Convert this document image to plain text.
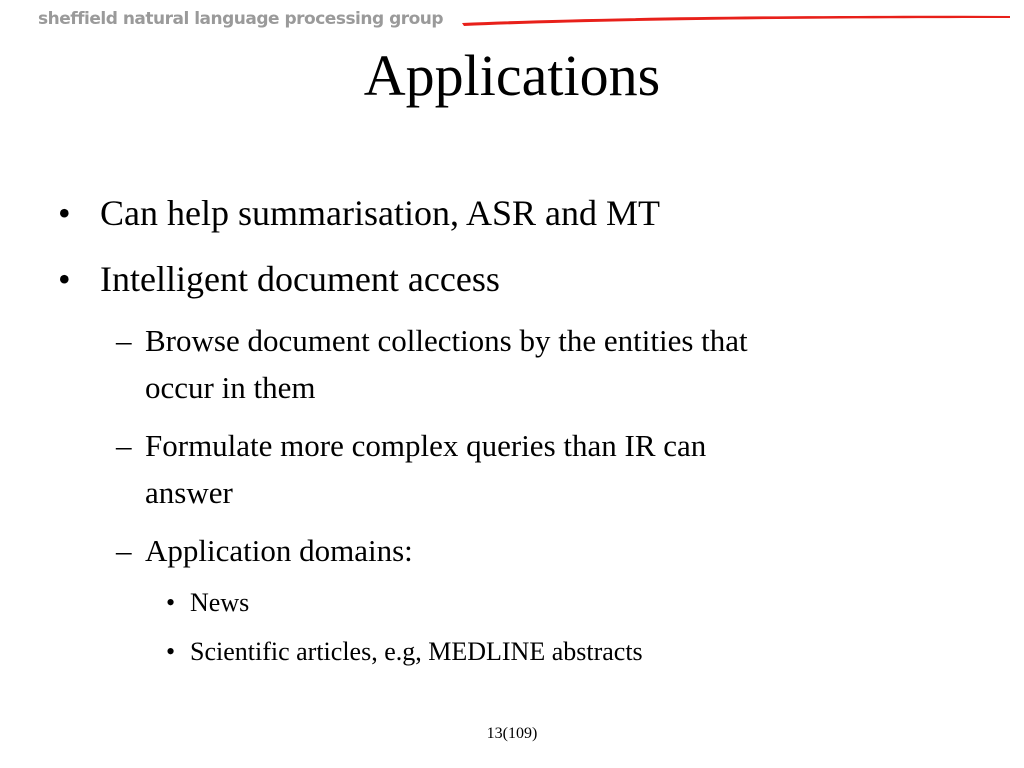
sheffield natural language processing group
Applications
• Can help summarisation, ASR and MT
• Intelligent document access
– Browse document collections by the entities that
occur in them
– Formulate more complex queries than IR can
answer
– Application domains:
• News
• Scientific articles, e.g, MEDLINE abstracts
13(109)
